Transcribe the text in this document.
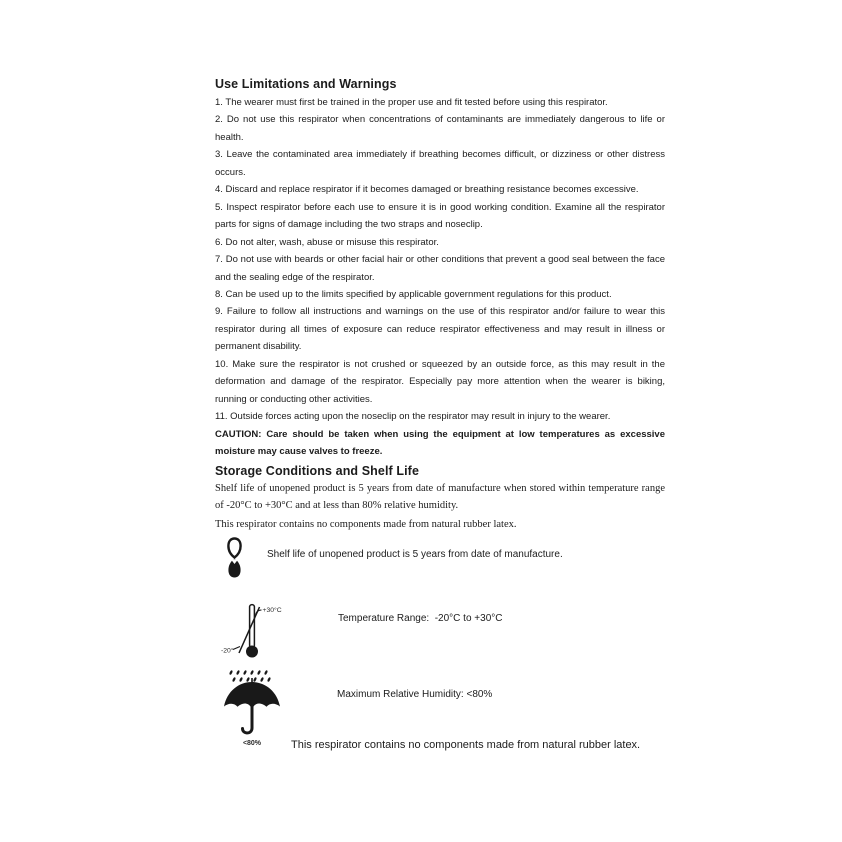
Use Limitations and Warnings

1. The wearer must first be trained in the proper use and fit tested before using this respirator.

2. Do not use this respirator when concentrations of contaminants are immediately dangerous to life or health.

3. Leave the contaminated area immediately if breathing becomes difficult, or dizziness or other distress occurs.

4. Discard and replace respirator if it becomes damaged or breathing resistance becomes excessive.

5. Inspect respirator before each use to ensure it is in good working condition. Examine all the respirator parts for signs of damage including the two straps and noseclip.

6. Do not alter, wash, abuse or misuse this respirator.

7. Do not use with beards or other facial hair or other conditions that prevent a good seal between the face and the sealing edge of the respirator.

8. Can be used up to the limits specified by applicable government regulations for this product.

9. Failure to follow all instructions and warnings on the use of this respirator and/or failure to wear this respirator during all times of exposure can reduce respirator effectiveness and may result in illness or permanent disability.

10. Make sure the respirator is not crushed or squeezed by an outside force, as this may result in the deformation and damage of the respirator. Especially pay more attention when the wearer is biking, running or conducting other activities.

11. Outside forces acting upon the noseclip on the respirator may result in injury to the wearer.

CAUTION: Care should be taken when using the equipment at low temperatures as excessive moisture may cause valves to freeze.

Storage Conditions and Shelf Life

Shelf life of unopened product is 5 years from date of manufacture when stored within temperature range of -20°C to +30°C and at less than 80% relative humidity.

This respirator contains no components made from natural rubber latex.

Shelf life of unopened product is 5 years from date of manufacture.
+30°C
-20°
Temperature Range:  -20°C to +30°C
<80%
Maximum Relative Humidity: <80%

This respirator contains no components made from natural rubber latex.
